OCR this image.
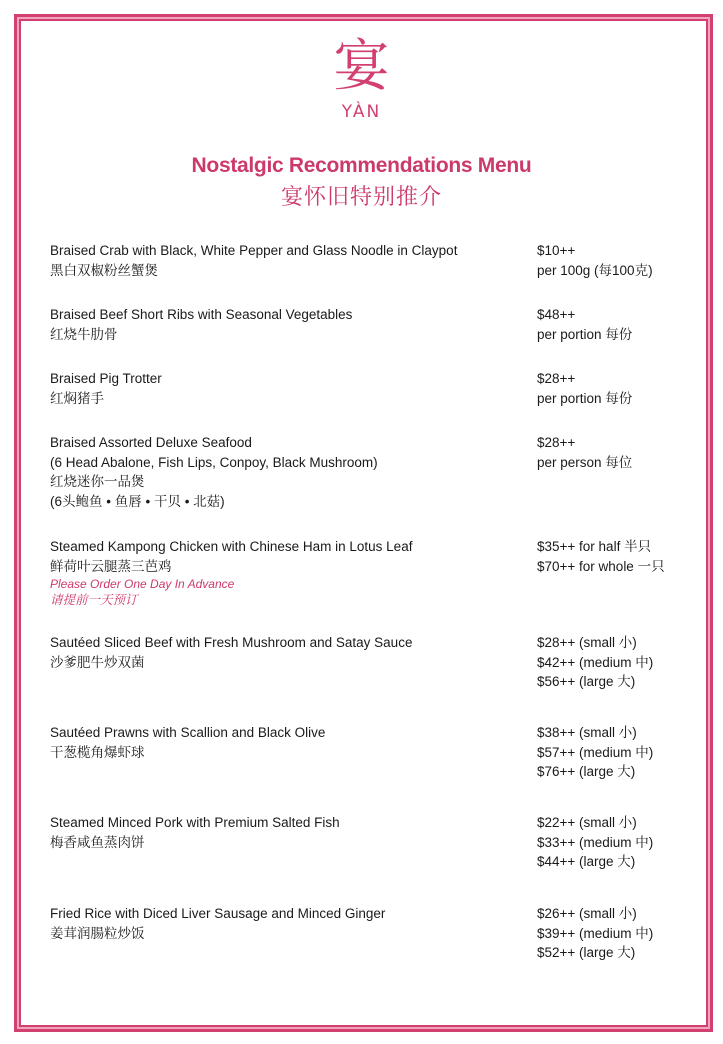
宴
YÀN
Nostalgic Recommendations Menu
宴怀旧特别推介
Braised Crab with Black, White Pepper and Glass Noodle in Claypot
黑白双椒粉丝蟹煲
$10++
per 100g (每100克)
Braised Beef Short Ribs with Seasonal Vegetables
红烧牛肋骨
$48++
per portion 每份
Braised Pig Trotter
红焖猪手
$28++
per portion 每份
Braised Assorted Deluxe Seafood
(6 Head Abalone, Fish Lips, Conpoy, Black Mushroom)
红烧迷你一品煲
(6头鲍鱼 • 鱼唇 • 干贝 • 北菇)
$28++
per person 每位
Steamed Kampong Chicken with Chinese Ham in Lotus Leaf
鲜荷叶云腿蒸三芭鸡
Please Order One Day In Advance
请提前一天预订
$35++ for half 半只
$70++ for whole 一只
Sautéed Sliced Beef with Fresh Mushroom and Satay Sauce
沙爹肥牛炒双菌
$28++ (small 小)
$42++ (medium 中)
$56++ (large 大)
Sautéed Prawns with Scallion and Black Olive
干葱榄角爆虾球
$38++ (small 小)
$57++ (medium 中)
$76++ (large 大)
Steamed Minced Pork with Premium Salted Fish
梅香咸鱼蒸肉饼
$22++ (small 小)
$33++ (medium 中)
$44++ (large 大)
Fried Rice with Diced Liver Sausage and Minced Ginger
姜茸润腸粒炒饭
$26++ (small 小)
$39++ (medium 中)
$52++ (large 大)
